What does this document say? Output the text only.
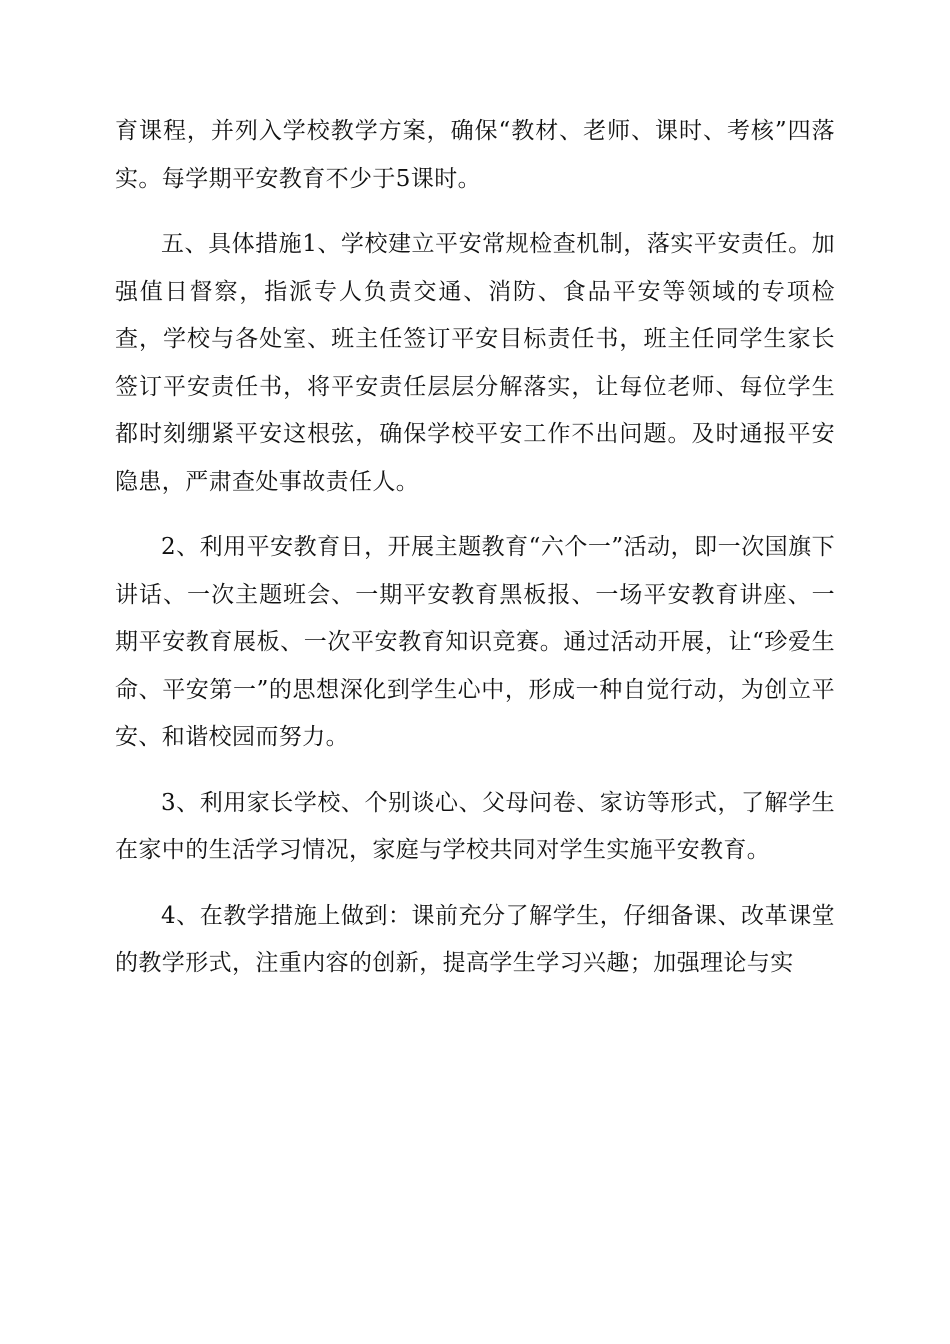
育课程，并列入学校教学方案，确保“教材、老师、课时、考核”四落实。每学期平安教育不少于5课时。

五、具体措施1、学校建立平安常规检查机制，落实平安责任。加强值日督察，指派专人负责交通、消防、食品平安等领域的专项检查，学校与各处室、班主任签订平安目标责任书，班主任同学生家长签订平安责任书，将平安责任层层分解落实，让每位老师、每位学生都时刻绷紧平安这根弦，确保学校平安工作不出问题。及时通报平安隐患，严肃查处事故责任人。

2、利用平安教育日，开展主题教育“六个一”活动，即一次国旗下讲话、一次主题班会、一期平安教育黑板报、一场平安教育讲座、一期平安教育展板、一次平安教育知识竞赛。通过活动开展，让“珍爱生命、平安第一”的思想深化到学生心中，形成一种自觉行动，为创立平安、和谐校园而努力。

3、利用家长学校、个别谈心、父母问卷、家访等形式，了解学生在家中的生活学习情况，家庭与学校共同对学生实施平安教育。

4、在教学措施上做到：课前充分了解学生，仔细备课、改革课堂的教学形式，注重内容的创新，提高学生学习兴趣；加强理论与实
